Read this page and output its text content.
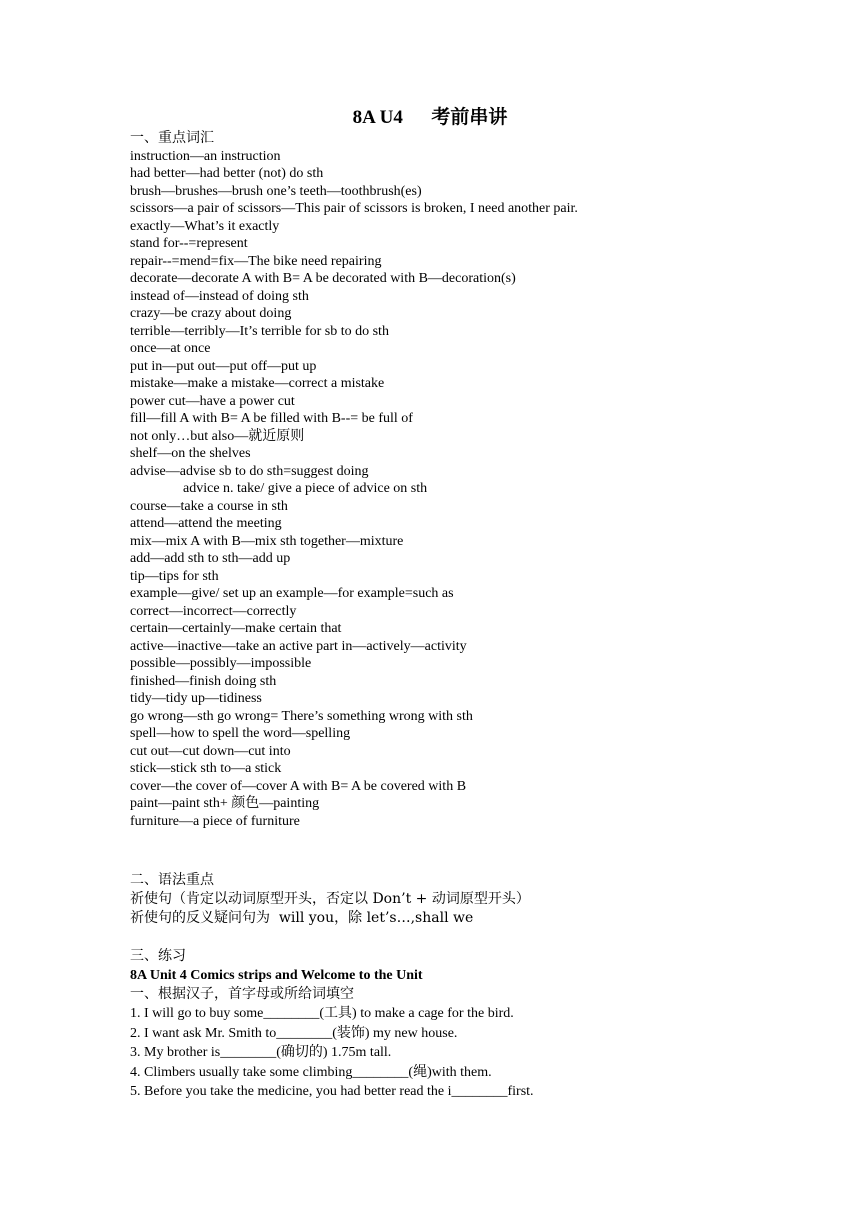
8A U4      考前串讲
一、重点词汇
instruction—an instruction
had better—had better (not) do sth
brush—brushes—brush one’s teeth—toothbrush(es)
scissors—a pair of scissors—This pair of scissors is broken, I need another pair.
exactly—What’s it exactly
stand for--=represent
repair--=mend=fix—The bike need repairing
decorate—decorate A with B= A be decorated with B—decoration(s)
instead of—instead of doing sth
crazy—be crazy about doing
terrible—terribly—It’s terrible for sb to do sth
once—at once
put in—put out—put off—put up
mistake—make a mistake—correct a mistake
power cut—have a power cut
fill—fill A with B= A be filled with B--= be full of
not only…but also—就近原则
shelf—on the shelves
advise—advise sb to do sth=suggest doing
advice n. take/ give a piece of advice on sth
course—take a course in sth
attend—attend the meeting
mix—mix A with B—mix sth together—mixture
add—add sth to sth—add up
tip—tips for sth
example—give/ set up an example—for example=such as
correct—incorrect—correctly
certain—certainly—make certain that
active—inactive—take an active part in—actively—activity
possible—possibly—impossible
finished—finish doing sth
tidy—tidy up—tidiness
go wrong—sth go wrong= There’s something wrong with sth
spell—how to spell the word—spelling
cut out—cut down—cut into
stick—stick sth to—a stick
cover—the cover of—cover A with B= A be covered with B
paint—paint sth+ 颜色—painting
furniture—a piece of furniture
二、语法重点
祈使句（肯定以动词原型开头，否定以 Don’t + 动词原型开头）
祈使句的反义疑问句为  will you，除 let’s…,shall we
三、练习
8A Unit 4 Comics strips and Welcome to the Unit
一、根据汉子，首字母或所给词填空
1. I will go to buy some________(工具) to make a cage for the bird.
2. I want ask Mr. Smith to________(装饰) my new house.
3. My brother is________(确切的) 1.75m tall.
4. Climbers usually take some climbing________(绳)with them.
5. Before you take the medicine, you had better read the i________first.
